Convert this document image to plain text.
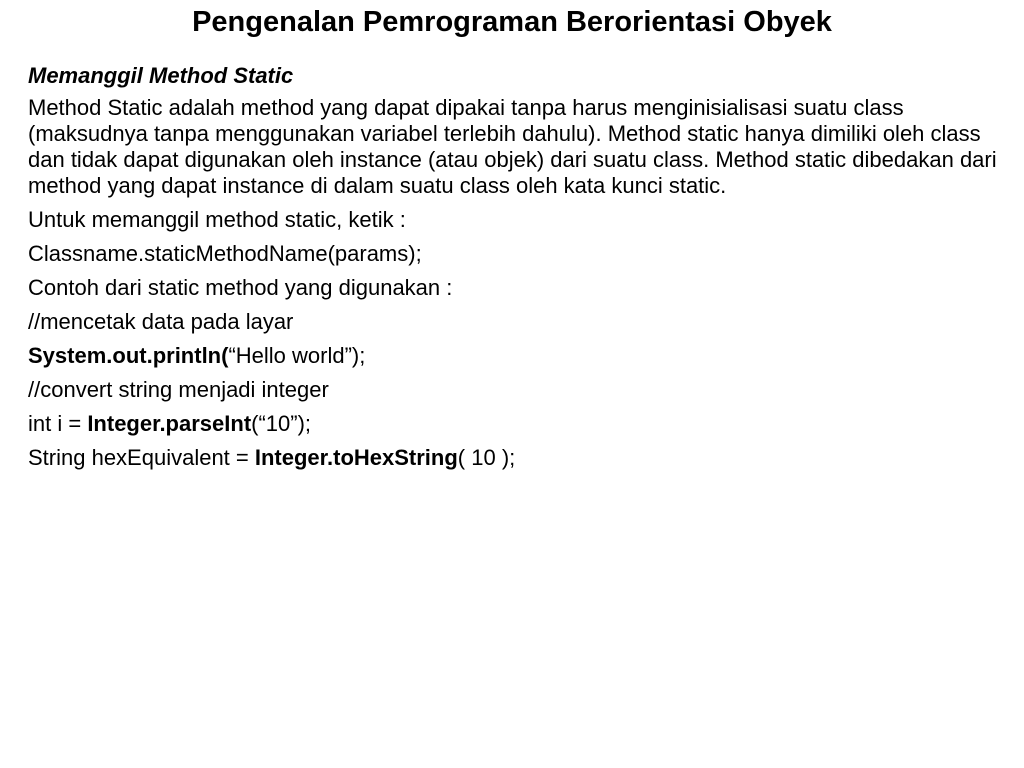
Pengenalan Pemrograman Berorientasi Obyek

Memanggil Method Static

Method Static adalah method yang dapat dipakai tanpa harus menginisialisasi suatu class (maksudnya tanpa menggunakan variabel terlebih dahulu). Method static hanya dimiliki oleh class dan tidak dapat digunakan oleh instance (atau objek) dari suatu class. Method static dibedakan dari method yang dapat instance di dalam suatu class oleh kata kunci static.

Untuk memanggil method static, ketik :

Classname.staticMethodName(params);

Contoh dari static method yang digunakan :

//mencetak data pada layar

System.out.println(“Hello world”);

//convert string menjadi integer

int i = Integer.parseInt(“10”);

String hexEquivalent = Integer.toHexString( 10 );
